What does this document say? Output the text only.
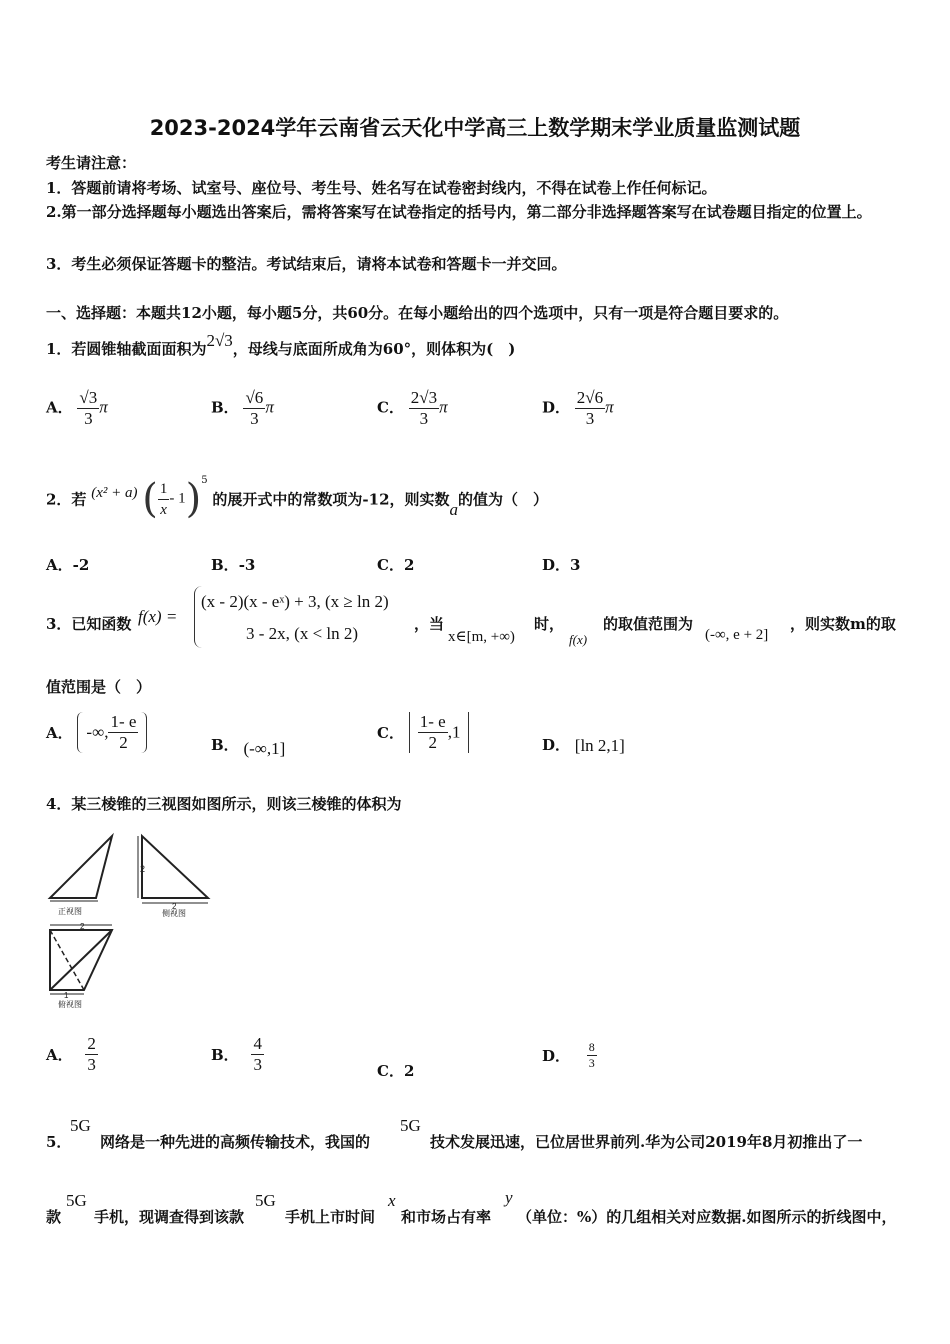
2023-2024学年云南省云天化中学高三上数学期末学业质量监测试题
考生请注意：
1．答题前请将考场、试室号、座位号、考生号、姓名写在试卷密封线内，不得在试卷上作任何标记。
2.第一部分选择题每小题选出答案后，需将答案写在试卷指定的括号内，第二部分非选择题答案写在试卷题目指定的位置上。
3．考生必须保证答题卡的整洁。考试结束后，请将本试卷和答题卡一并交回。
一、选择题：本题共12小题，每小题5分，共60分。在每小题给出的四个选项中，只有一项是符合题目要求的。
1．若圆锥轴截面面积为2√3，母线与底面所成角为60°，则体积为(　)
A． $\frac{√3}{3}$ π	B． $\frac{√6}{3}$ π	C． $\frac{2√3}{3}$ π	D． $\frac{2√6}{3}$ π
2．若 (x² + a) ( $\frac{1}{x} - 1)^5$ 的展开式中的常数项为-12，则实数a的值为（　）
A．-2	B．-3	C．2	D．3
3．已知函数 f(x) =
(x - 2)(x - eˣ) + 3, (x ≥ ln 2)
3 - 2x, (x < ln 2)	，当
x∈[m, +∞)
时，
f(x)
的取值范围为
(-∞, e + 2]
，则实数m的取
值范围是（　）
A． -∞, $\frac{1- e}{2}$	B． (-∞,1]
C． $\frac{1- e}{2} ,1$
D． [ln 2,1]
4．某三棱锥的三视图如图所示，则该三棱锥的体积为
正视图
2
2
侧视图
2
1
俯视图
A． $\frac{2}{3}$	B． $\frac{4}{3}$	C．2
D． $\frac{8}{3}$
5．
5G
网络是一种先进的高频传输技术，我国的
5G
技术发展迅速，已位居世界前列.华为公司2019年8月初推出了一
款
5G
手机，现调查得到该款
5G
手机上市时间
x
和市场占有率
y
（单位：%）的几组相关对应数据.如图所示的折线图中，
